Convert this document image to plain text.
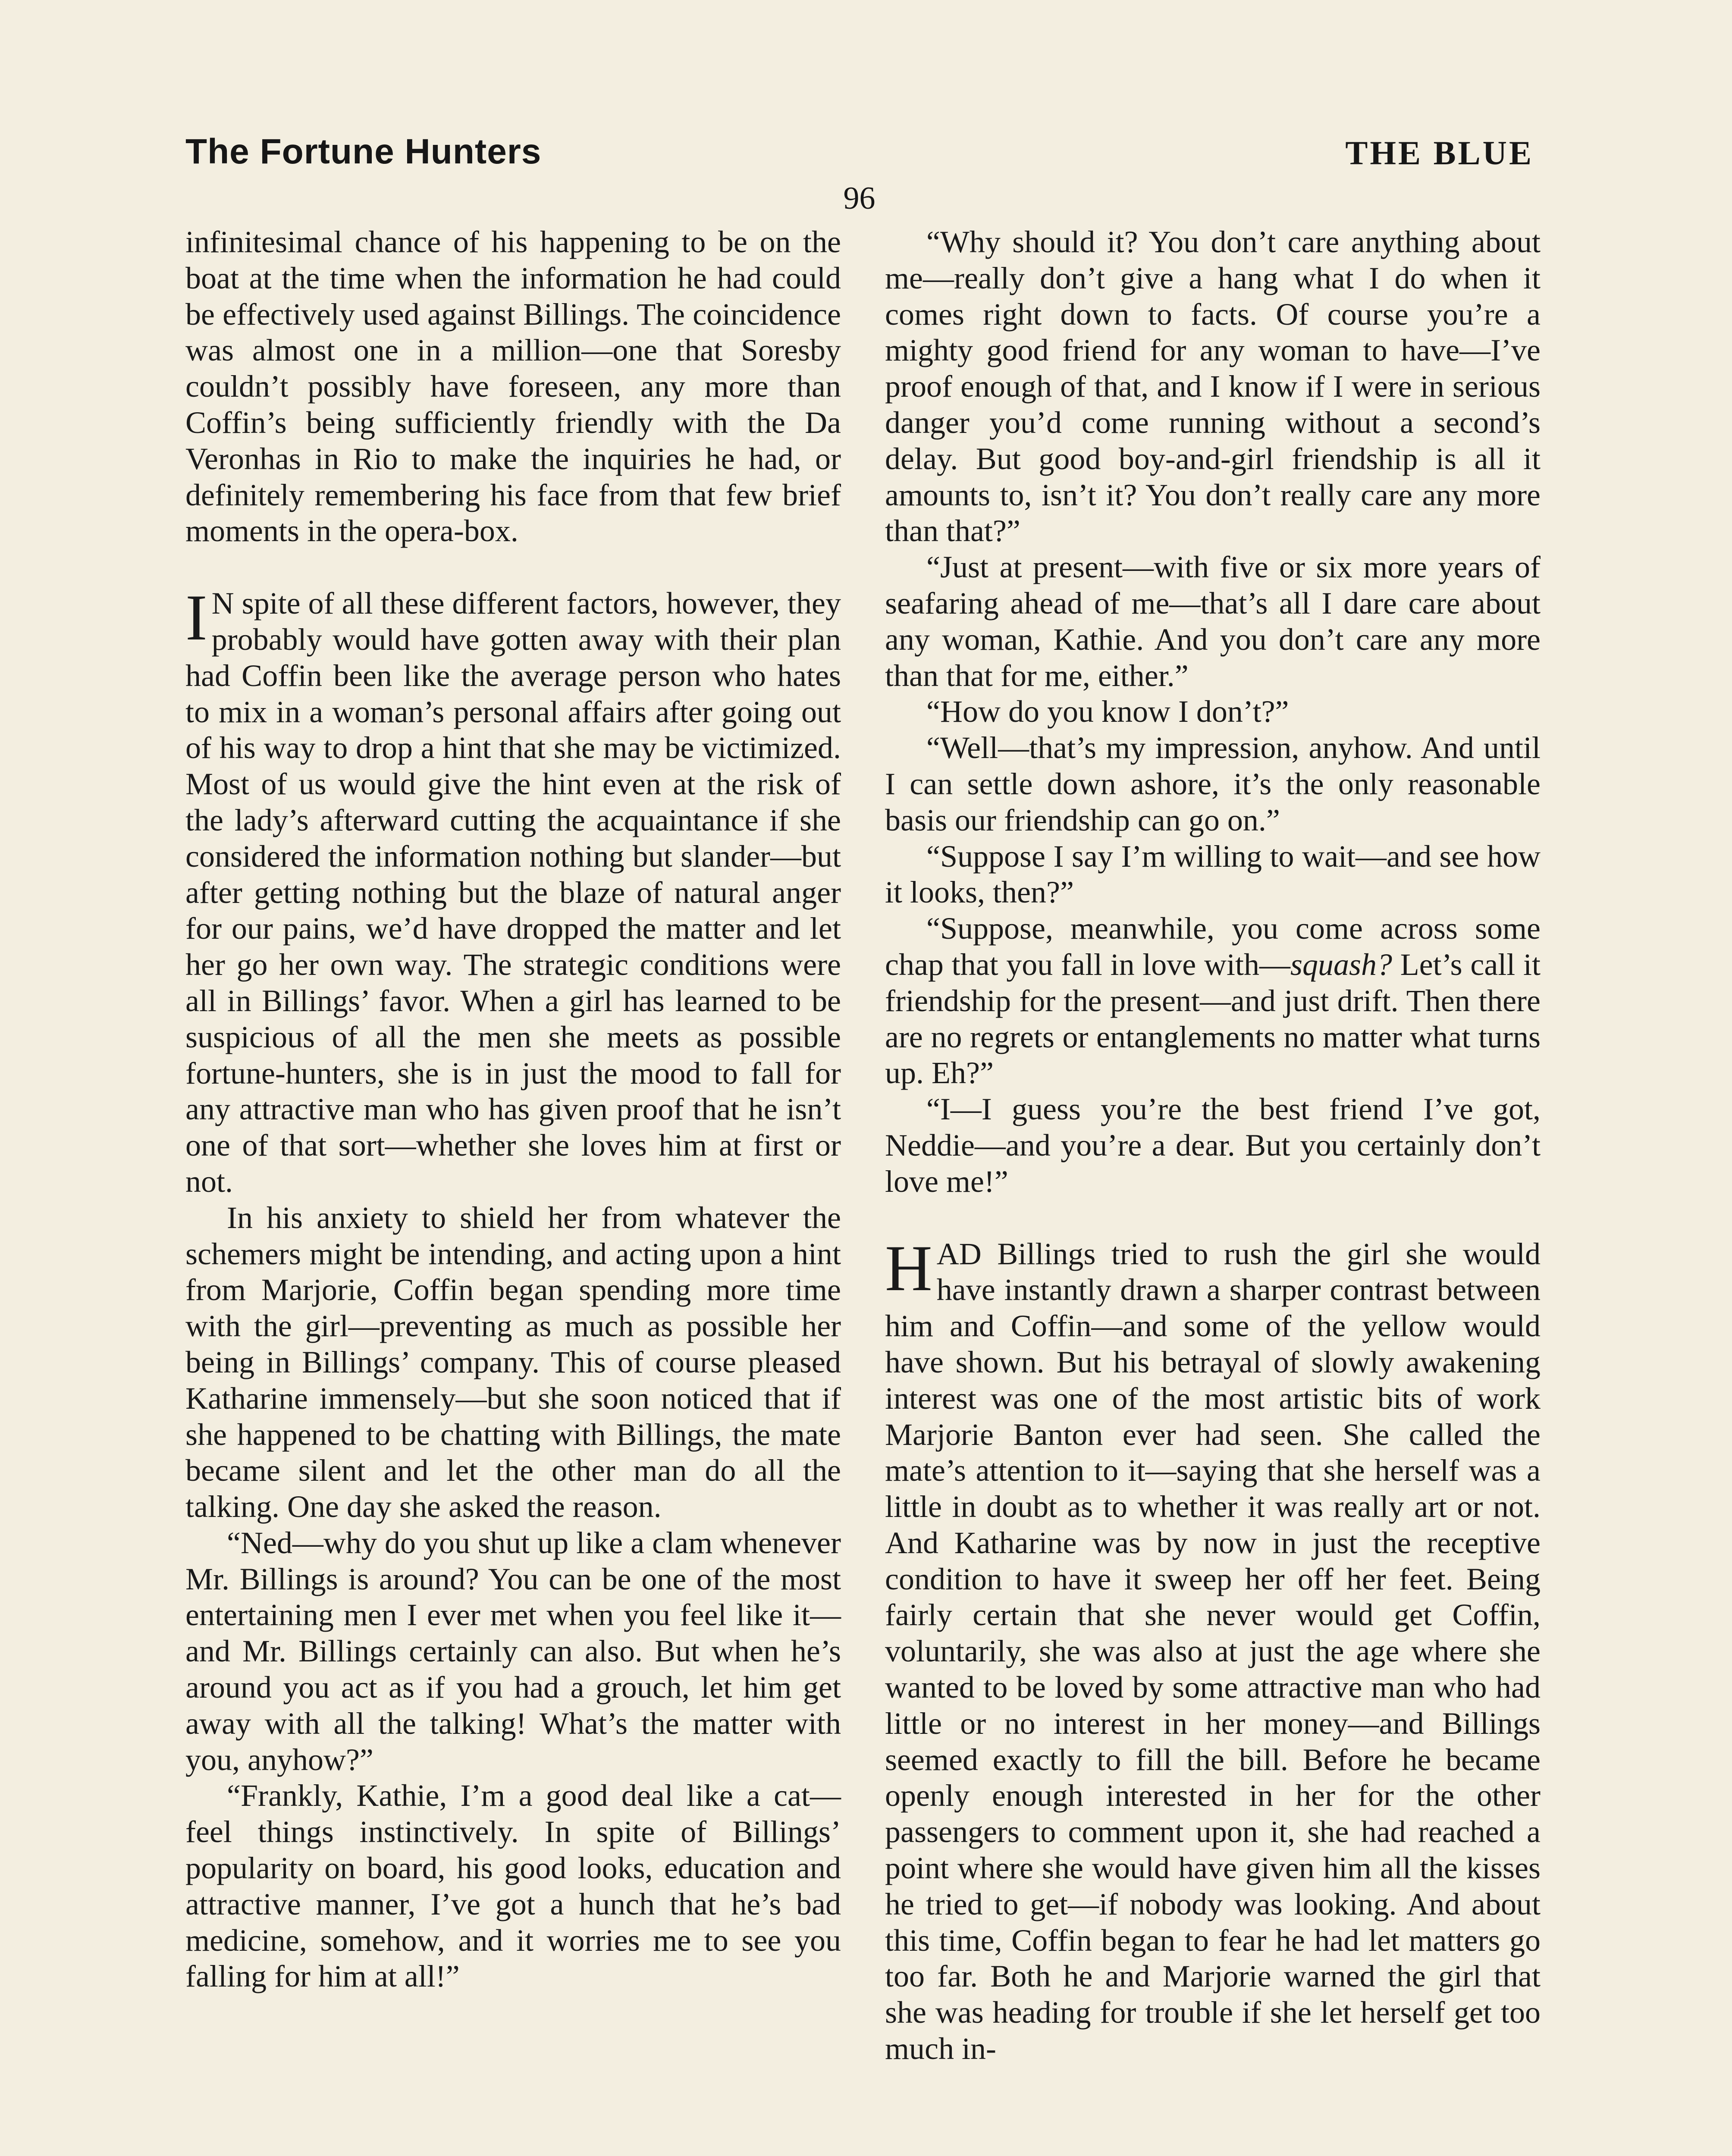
The Fortune Hunters	THE BLUE
96

infinitesimal chance of his happening to be on the boat at the time when the information he had could be effectively used against Billings. The coincidence was almost one in a million—one that Soresby couldn’t possibly have foreseen, any more than Coffin’s being sufficiently friendly with the Da Veronhas in Rio to make the inquiries he had, or definitely remembering his face from that few brief moments in the opera-box.

I N spite of all these different factors, however, they probably would have gotten away with their plan had Coffin been like the average person who hates to mix in a woman’s personal affairs after going out of his way to drop a hint that she may be victimized. Most of us would give the hint even at the risk of the lady’s afterward cutting the acquaintance if she considered the information nothing but slander—but after getting nothing but the blaze of natural anger for our pains, we’d have dropped the matter and let her go her own way. The strategic conditions were all in Billings’ favor. When a girl has learned to be suspicious of all the men she meets as possible fortune-hunters, she is in just the mood to fall for any attractive man who has given proof that he isn’t one of that sort—whether she loves him at first or not.

In his anxiety to shield her from whatever the schemers might be intending, and acting upon a hint from Marjorie, Coffin began spending more time with the girl—preventing as much as possible her being in Billings’ company. This of course pleased Katharine immensely—but she soon noticed that if she happened to be chatting with Billings, the mate became silent and let the other man do all the talking. One day she asked the reason.

“Ned—why do you shut up like a clam whenever Mr. Billings is around? You can be one of the most entertaining men I ever met when you feel like it—and Mr. Billings certainly can also. But when he’s around you act as if you had a grouch, let him get away with all the talking! What’s the matter with you, anyhow?”

“Frankly, Kathie, I’m a good deal like a cat—feel things instinctively. In spite of Billings’ popularity on board, his good looks, education and attractive manner, I’ve got a hunch that he’s bad medicine, somehow, and it worries me to see you falling for him at all!”

“Why should it? You don’t care anything about me—really don’t give a hang what I do when it comes right down to facts. Of course you’re a mighty good friend for any woman to have—I’ve proof enough of that, and I know if I were in serious danger you’d come running without a second’s delay. But good boy-and-girl friendship is all it amounts to, isn’t it? You don’t really care any more than that?”

“Just at present—with five or six more years of seafaring ahead of me—that’s all I dare care about any woman, Kathie. And you don’t care any more than that for me, either.”

“How do you know I don’t?”

“Well—that’s my impression, anyhow. And until I can settle down ashore, it’s the only reasonable basis our friendship can go on.”

“Suppose I say I’m willing to wait—and see how it looks, then?”

“Suppose, meanwhile, you come across some chap that you fall in love with—squash? Let’s call it friendship for the present—and just drift. Then there are no regrets or entanglements no matter what turns up. Eh?”

“I—I guess you’re the best friend I’ve got, Neddie—and you’re a dear. But you certainly don’t love me!”

HAD Billings tried to rush the girl she would have instantly drawn a sharper contrast between him and Coffin—and some of the yellow would have shown. But his betrayal of slowly awakening interest was one of the most artistic bits of work Marjorie Banton ever had seen. She called the mate’s attention to it—saying that she herself was a little in doubt as to whether it was really art or not. And Katharine was by now in just the receptive condition to have it sweep her off her feet. Being fairly certain that she never would get Coffin, voluntarily, she was also at just the age where she wanted to be loved by some attractive man who had little or no interest in her money—and Billings seemed exactly to fill the bill. Before he became openly enough interested in her for the other passengers to comment upon it, she had reached a point where she would have given him all the kisses he tried to get—if nobody was looking. And about this time, Coffin began to fear he had let matters go too far. Both he and Marjorie warned the girl that she was heading for trouble if she let herself get too much in-
